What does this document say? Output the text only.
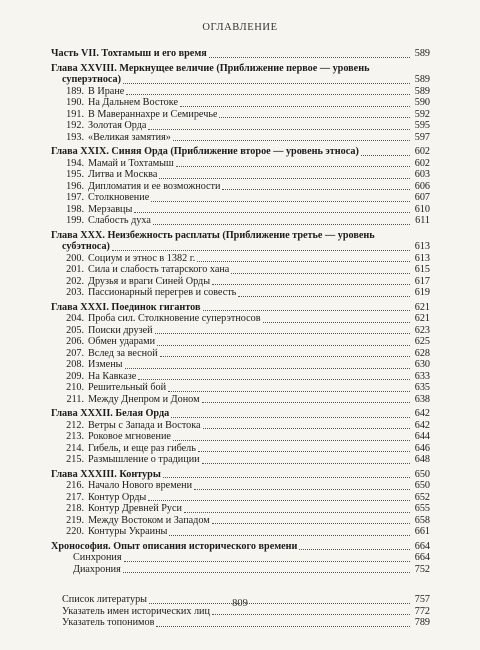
ОГЛАВЛЕНИЕ
Часть VII. Тохтамыш и его время	589
Глава XXVIII. Меркнущее величие (Приближение первое — уровень
суперэтноса)	589
189. В Иране	589
190. На Дальнем Востоке	590
191. В Мавераннахре и Семиречье	592
192. Золотая Орда	595
193. «Великая замятия»	597
Глава XXIX. Синяя Орда (Приближение второе — уровень этноса)	602
194. Мамай и Тохтамыш	602
195. Литва и Москва	603
196. Дипломатия и ее возможности	606
197. Столкновение	607
198. Мерзавцы	610
199. Слабость духа	611
Глава XXX. Неизбежность расплаты (Приближение третье — уровень
субэтноса)	613
200. Социум и этнос в 1382 г.	613
201. Сила и слабость татарского хана	615
202. Друзья и враги Синей Орды	617
203. Пассионарный перегрев и совесть	619
Глава XXXI. Поединок гигантов	621
204. Проба сил. Столкновение суперэтносов	621
205. Поиски друзей	623
206. Обмен ударами	625
207. Вслед за весной	628
208. Измены	630
209. На Кавказе	633
210. Решительный бой	635
211. Между Днепром и Доном	638
Глава XXXII. Белая Орда	642
212. Ветры с Запада и Востока	642
213. Роковое мгновение	644
214. Гибель, и еще раз гибель	646
215. Размышление о традиции	648
Глава XXXIII. Контуры	650
216. Начало Нового времени	650
217. Контур Орды	652
218. Контур Древней Руси	655
219. Между Востоком и Западом	658
220. Контуры Украины	661
Хронософия. Опыт описания исторического времени	664
Синхрония	664
Диахрония	752
Список литературы	757
Указатель имен исторических лиц	772
Указатель топонимов	789
809
